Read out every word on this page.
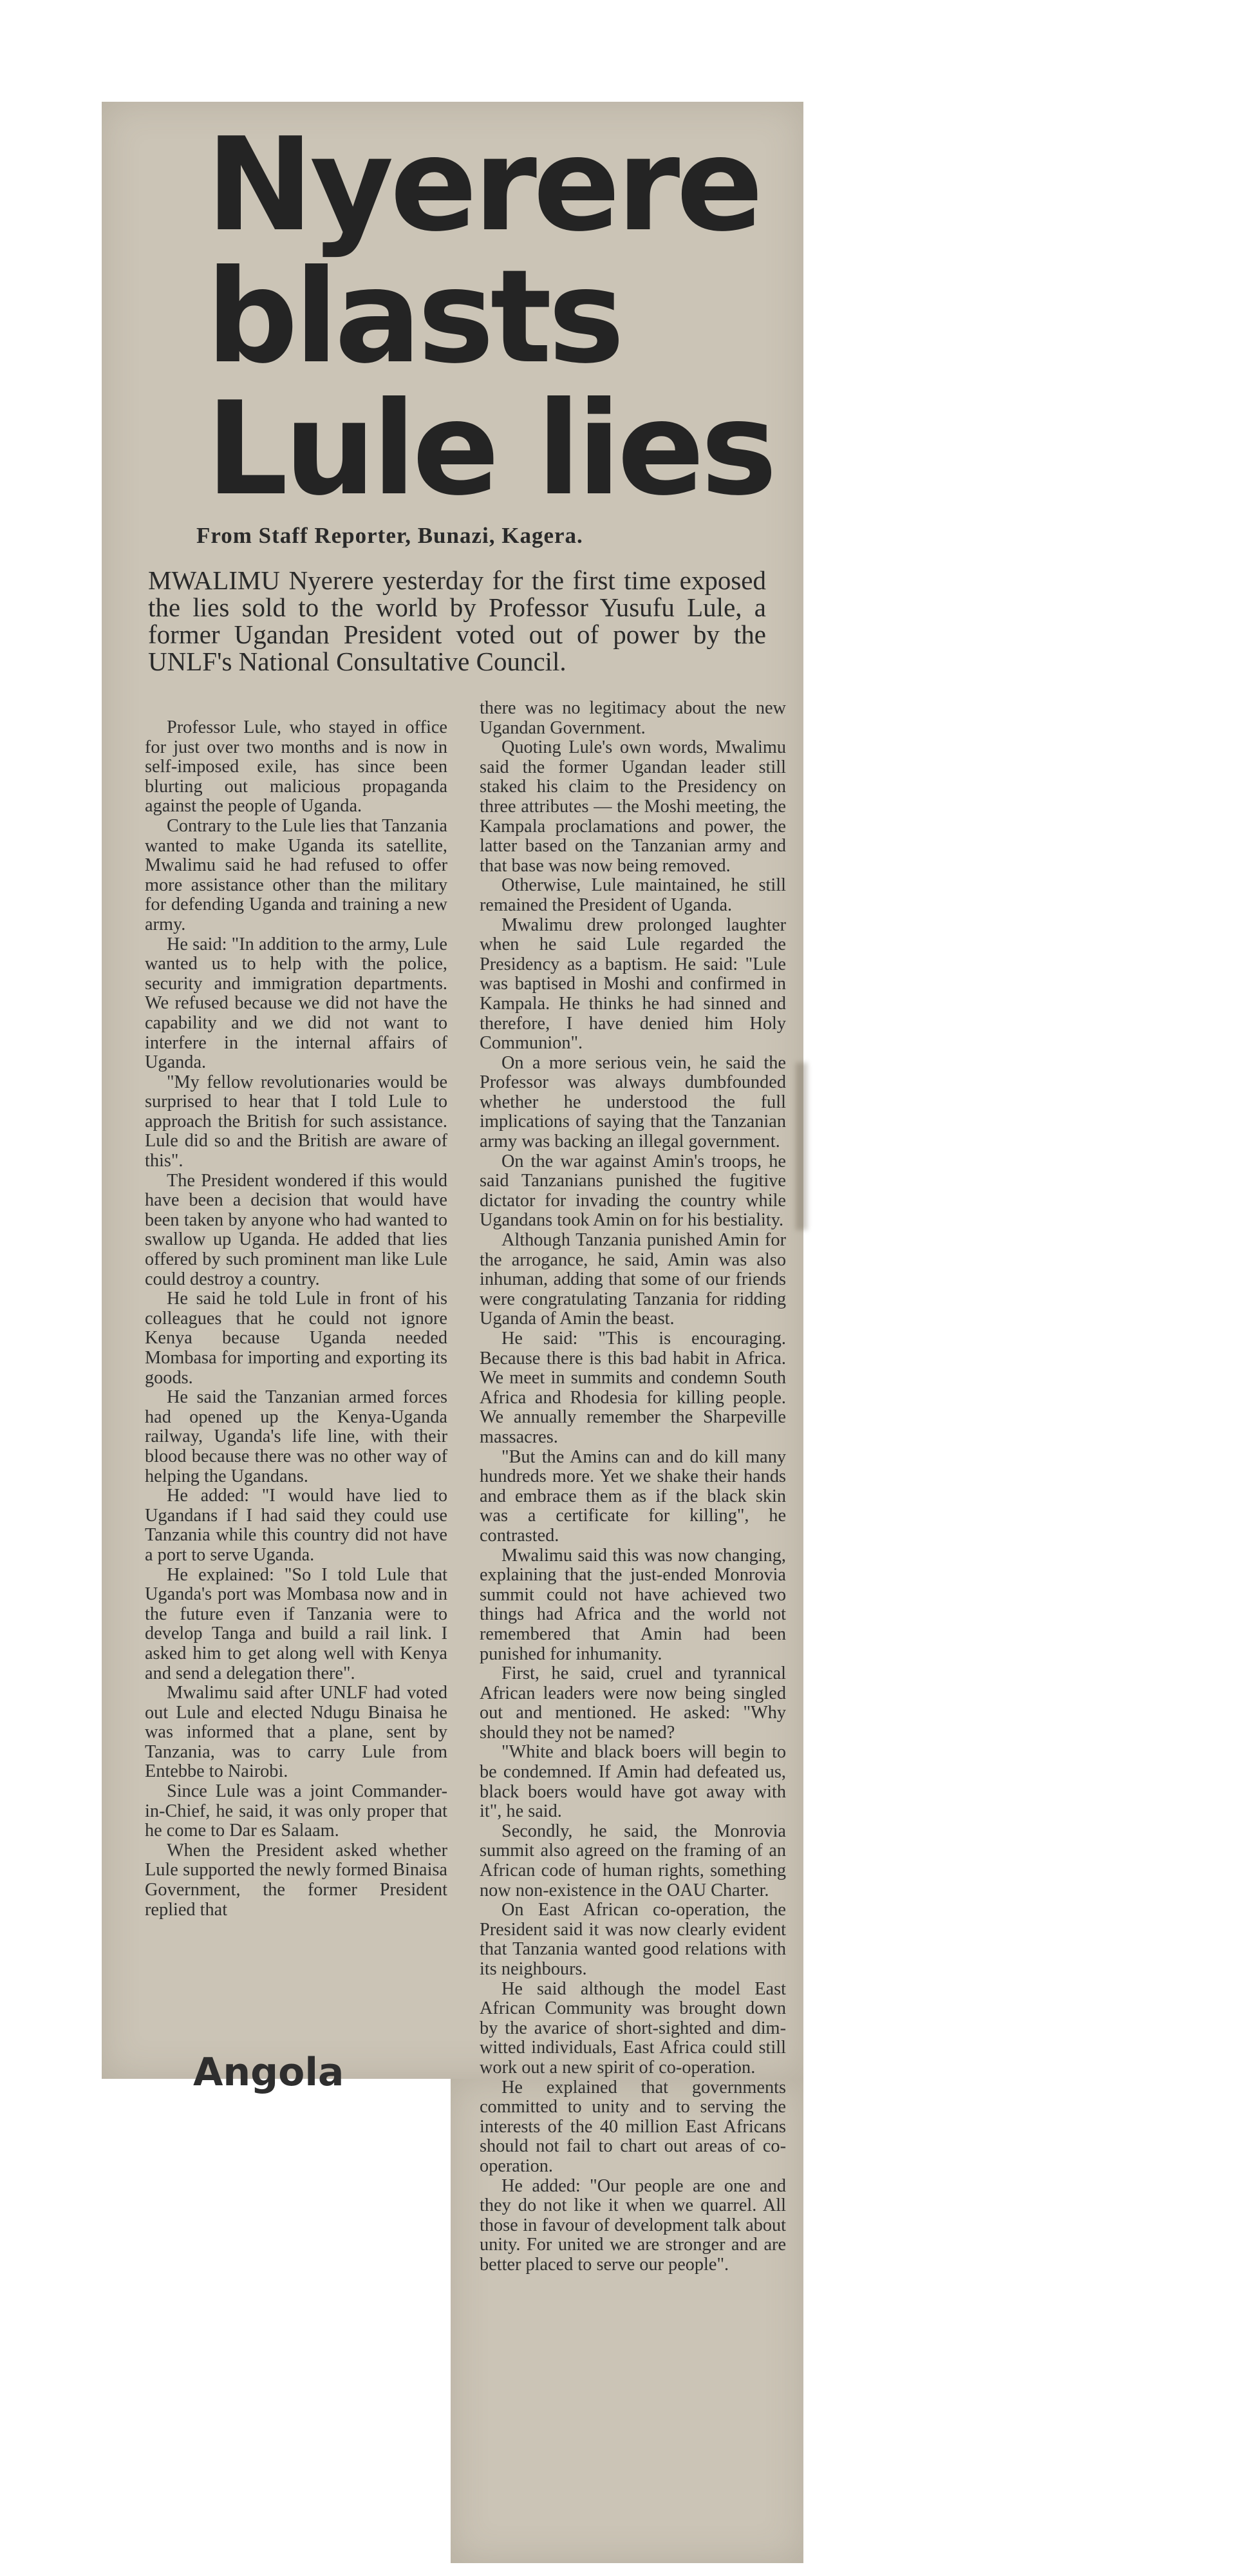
Nyerere
blasts
Lule lies
From Staff Reporter, Bunazi, Kagera.
MWALIMU Nyerere yesterday for the first time exposed the lies sold to the world by Professor Yusufu Lule, a former Ugandan President voted out of power by the UNLF's National Consultative Council.

Professor Lule, who stayed in office for just over two months and is now in self-imposed exile, has since been blurting out malicious propaganda against the people of Uganda.

Contrary to the Lule lies that Tanzania wanted to make Uganda its satellite, Mwalimu said he had refused to offer more assistance other than the military for defending Uganda and training a new army.

He said: "In addition to the army, Lule wanted us to help with the police, security and immigration departments. We refused because we did not have the capability and we did not want to interfere in the internal affairs of Uganda.

"My fellow revolutionaries would be surprised to hear that I told Lule to approach the British for such assistance. Lule did so and the British are aware of this".

The President wondered if this would have been a decision that would have been taken by anyone who had wanted to swallow up Uganda. He added that lies offered by such prominent man like Lule could destroy a country.

He said he told Lule in front of his colleagues that he could not ignore Kenya because Uganda needed Mombasa for importing and exporting its goods.

He said the Tanzanian armed forces had opened up the Kenya-Uganda railway, Uganda's life line, with their blood because there was no other way of helping the Ugandans.

He added: "I would have lied to Ugandans if I had said they could use Tanzania while this country did not have a port to serve Uganda.

He explained: "So I told Lule that Uganda's port was Mombasa now and in the future even if Tanzania were to develop Tanga and build a rail link. I asked him to get along well with Kenya and send a delegation there".

Mwalimu said after UNLF had voted out Lule and elected Ndugu Binaisa he was informed that a plane, sent by Tanzania, was to carry Lule from Entebbe to Nairobi.

Since Lule was a joint Commander-in-Chief, he said, it was only proper that he come to Dar es Salaam.

When the President asked whether Lule supported the newly formed Binaisa Government, the former President replied that

there was no legitimacy about the new Ugandan Government.

Quoting Lule's own words, Mwalimu said the former Ugandan leader still staked his claim to the Presidency on three attributes — the Moshi meeting, the Kampala proclamations and power, the latter based on the Tanzanian army and that base was now being removed.

Otherwise, Lule maintained, he still remained the President of Uganda.

Mwalimu drew prolonged laughter when he said Lule regarded the Presidency as a baptism. He said: "Lule was baptised in Moshi and confirmed in Kampala. He thinks he had sinned and therefore, I have denied him Holy Communion".

On a more serious vein, he said the Professor was always dumbfounded whether he understood the full implications of saying that the Tanzanian army was backing an illegal government.

On the war against Amin's troops, he said Tanzanians punished the fugitive dictator for invading the country while Ugandans took Amin on for his bestiality.

Although Tanzania punished Amin for the arrogance, he said, Amin was also inhuman, adding that some of our friends were congratulating Tanzania for ridding Uganda of Amin the beast.

He said: "This is encouraging. Because there is this bad habit in Africa. We meet in summits and condemn South Africa and Rhodesia for killing people. We annually remember the Sharpeville massacres.

"But the Amins can and do kill many hundreds more. Yet we shake their hands and embrace them as if the black skin was a certificate for killing", he contrasted.

Mwalimu said this was now changing, explaining that the just-ended Monrovia summit could not have achieved two things had Africa and the world not remembered that Amin had been punished for inhumanity.

First, he said, cruel and tyrannical African leaders were now being singled out and mentioned. He asked: "Why should they not be named?

"White and black boers will begin to be condemned. If Amin had defeated us, black boers would have got away with it", he said.

Secondly, he said, the Monrovia summit also agreed on the framing of an African code of human rights, something now non-existence in the OAU Charter.

On East African co-operation, the President said it was now clearly evident that Tanzania wanted good relations with its neighbours.

He said although the model East African Community was brought down by the avarice of short-sighted and dim-witted individuals, East Africa could still work out a new spirit of co-operation.

He explained that governments committed to unity and to serving the interests of the 40 million East Africans should not fail to chart out areas of co-operation.

He added: "Our people are one and they do not like it when we quarrel. All those in favour of development talk about unity. For united we are stronger and are better placed to serve our people".
